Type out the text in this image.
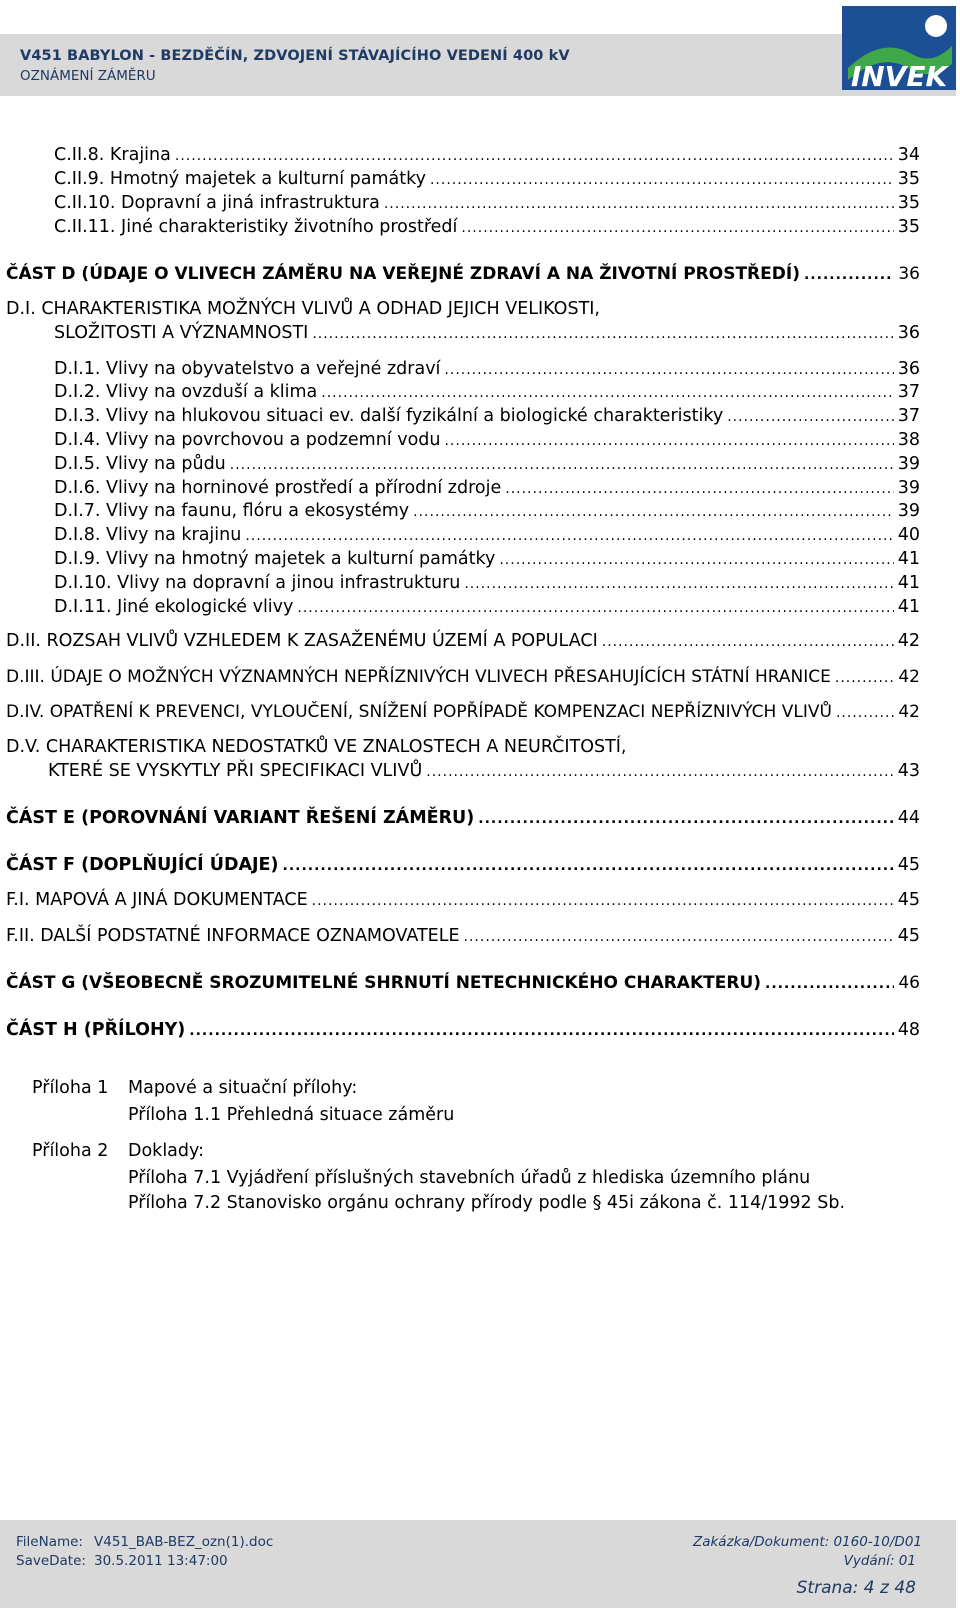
V451 BABYLON - BEZDĚČÍN, ZDVOJENÍ STÁVAJÍCÍHO VEDENÍ 400 kV
OZNÁMENÍ ZÁMĚRU	INVEK
C.II.8. Krajina .....	34
C.II.9. Hmotný majetek a kulturní památky .....	35
C.II.10. Dopravní a jiná infrastruktura .....	35
C.II.11. Jiné charakteristiky životního prostředí .....	35
ČÁST D (ÚDAJE O VLIVECH ZÁMĚRU NA VEŘEJNÉ ZDRAVÍ A NA ŽIVOTNÍ PROSTŘEDÍ) .....	36
D.I. CHARAKTERISTIKA MOŽNÝCH VLIVŮ A ODHAD JEJICH VELIKOSTI,
SLOŽITOSTI A VÝZNAMNOSTI .....	36
D.I.1. Vlivy na obyvatelstvo a veřejné zdraví .....	36
D.I.2. Vlivy na ovzduší a klima .....	37
D.I.3. Vlivy na hlukovou situaci ev. další fyzikální a biologické charakteristiky .....	37
D.I.4. Vlivy na povrchovou a podzemní vodu .....	38
D.I.5. Vlivy na půdu .....	39
D.I.6. Vlivy na horninové prostředí a přírodní zdroje .....	39
D.I.7. Vlivy na faunu, flóru a ekosystémy .....	39
D.I.8. Vlivy na krajinu .....	40
D.I.9. Vlivy na hmotný majetek a kulturní památky .....	41
D.I.10. Vlivy na dopravní a jinou infrastrukturu .....	41
D.I.11. Jiné ekologické vlivy .....	41
D.II. ROZSAH VLIVŮ VZHLEDEM K ZASAŽENÉMU ÚZEMÍ A POPULACI .....	42
D.III. ÚDAJE O MOŽNÝCH VÝZNAMNÝCH NEPŘÍZNIVÝCH VLIVECH PŘESAHUJÍCÍCH STÁTNÍ HRANICE .....	42
D.IV. OPATŘENÍ K PREVENCI, VYLOUČENÍ, SNÍŽENÍ POPŘÍPADĚ KOMPENZACI NEPŘÍZNIVÝCH VLIVŮ .....	42
D.V. CHARAKTERISTIKA NEDOSTATKŮ VE ZNALOSTECH A NEURČITOSTÍ,
KTERÉ SE VYSKYTLY PŘI SPECIFIKACI VLIVŮ .....	43
ČÁST E (POROVNÁNÍ VARIANT ŘEŠENÍ ZÁMĚRU) .....	44
ČÁST F (DOPLŇUJÍCÍ ÚDAJE) .....	45
F.I. MAPOVÁ A JINÁ DOKUMENTACE .....	45
F.II. DALŠÍ PODSTATNÉ INFORMACE OZNAMOVATELE .....	45
ČÁST G (VŠEOBECNĚ SROZUMITELNÉ SHRNUTÍ NETECHNICKÉHO CHARAKTERU) .....	46
ČÁST H (PŘÍLOHY) .....	48
Příloha 1 Mapové a situační přílohy:
Příloha 1.1 Přehledná situace záměru
Příloha 2 Doklady:
Příloha 7.1 Vyjádření příslušných stavebních úřadů z hlediska územního plánu
Příloha 7.2 Stanovisko orgánu ochrany přírody podle § 45i zákona č. 114/1992 Sb.
FileName: V451_BAB-BEZ_ozn(1).doc
SaveDate: 30.5.2011 13:47:00
Zakázka/Dokument: 0160-10/D01
Vydání: 01
Strana: 4 z 48
